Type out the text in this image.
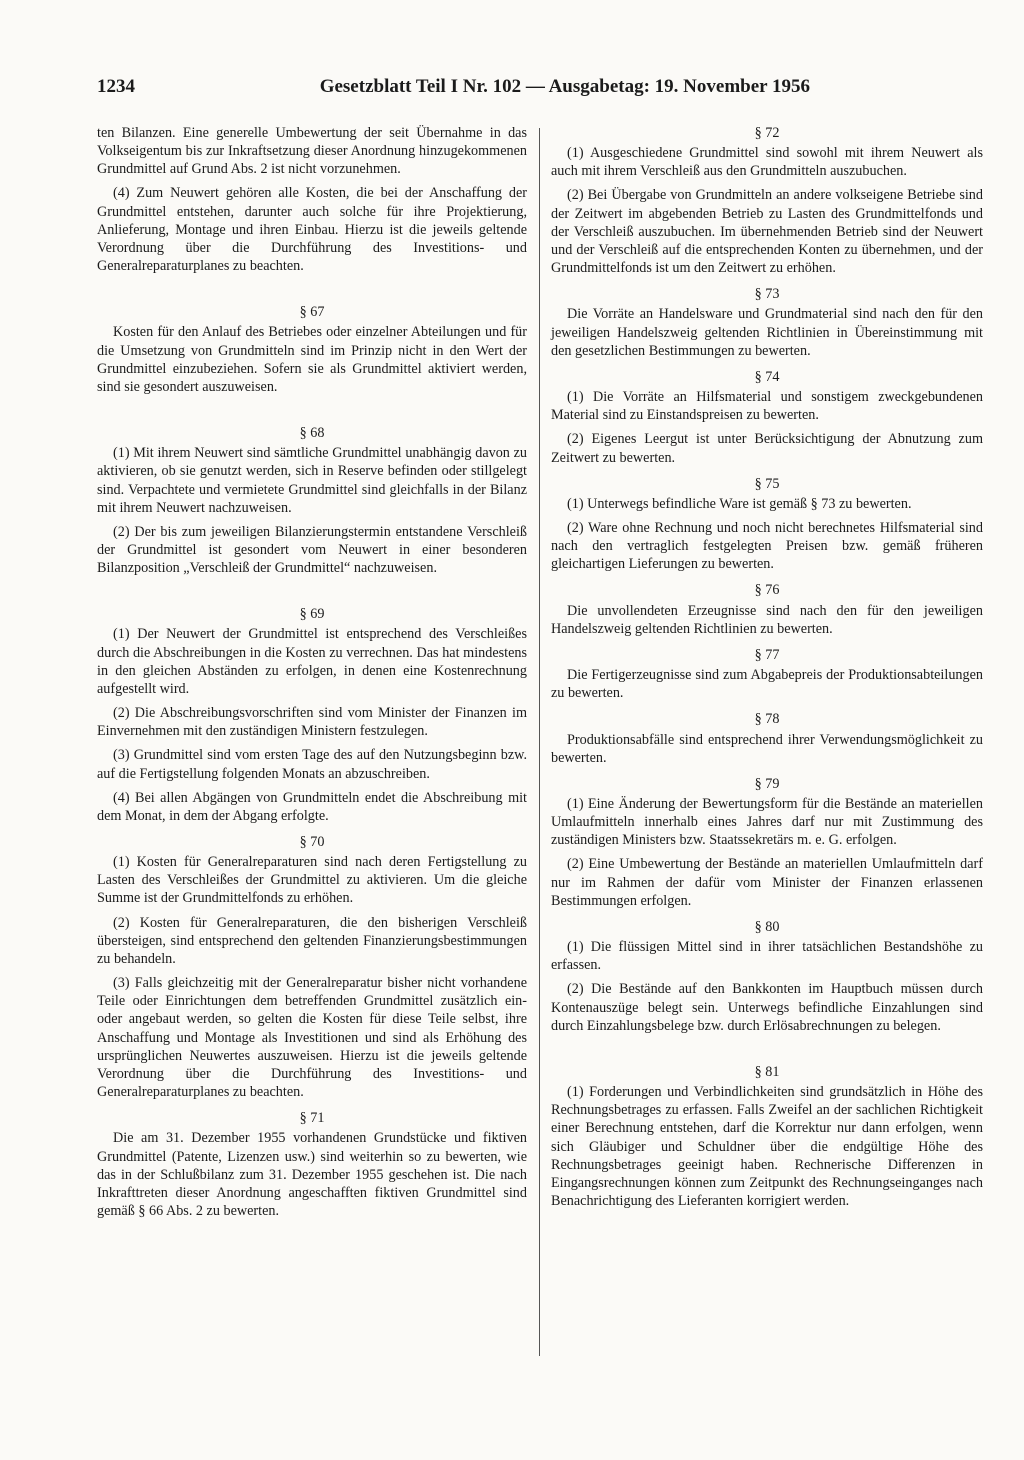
1234	Gesetzblatt Teil I Nr. 102 — Ausgabetag: 19. November 1956

ten Bilanzen. Eine generelle Umbewertung der seit Übernahme in das Volkseigentum bis zur Inkraftsetzung dieser Anordnung hinzugekommenen Grundmittel auf Grund Abs. 2 ist nicht vorzunehmen.

(4) Zum Neuwert gehören alle Kosten, die bei der Anschaffung der Grundmittel entstehen, darunter auch solche für ihre Projektierung, Anlieferung, Montage und ihren Einbau. Hierzu ist die jeweils geltende Verordnung über die Durchführung des Investitions- und Generalreparaturplanes zu beachten.

§ 67

Kosten für den Anlauf des Betriebes oder einzelner Abteilungen und für die Umsetzung von Grundmitteln sind im Prinzip nicht in den Wert der Grundmittel einzubeziehen. Sofern sie als Grundmittel aktiviert werden, sind sie gesondert auszuweisen.

§ 68

(1) Mit ihrem Neuwert sind sämtliche Grundmittel unabhängig davon zu aktivieren, ob sie genutzt werden, sich in Reserve befinden oder stillgelegt sind. Verpachtete und vermietete Grundmittel sind gleichfalls in der Bilanz mit ihrem Neuwert nachzuweisen.

(2) Der bis zum jeweiligen Bilanzierungstermin entstandene Verschleiß der Grundmittel ist gesondert vom Neuwert in einer besonderen Bilanzposition „Verschleiß der Grundmittel“ nachzuweisen.

§ 69

(1) Der Neuwert der Grundmittel ist entsprechend des Verschleißes durch die Abschreibungen in die Kosten zu verrechnen. Das hat mindestens in den gleichen Abständen zu erfolgen, in denen eine Kostenrechnung aufgestellt wird.

(2) Die Abschreibungsvorschriften sind vom Minister der Finanzen im Einvernehmen mit den zuständigen Ministern festzulegen.

(3) Grundmittel sind vom ersten Tage des auf den Nutzungsbeginn bzw. auf die Fertigstellung folgenden Monats an abzuschreiben.

(4) Bei allen Abgängen von Grundmitteln endet die Abschreibung mit dem Monat, in dem der Abgang erfolgte.

§ 70

(1) Kosten für Generalreparaturen sind nach deren Fertigstellung zu Lasten des Verschleißes der Grundmittel zu aktivieren. Um die gleiche Summe ist der Grundmittelfonds zu erhöhen.

(2) Kosten für Generalreparaturen, die den bisherigen Verschleiß übersteigen, sind entsprechend den geltenden Finanzierungsbestimmungen zu behandeln.

(3) Falls gleichzeitig mit der Generalreparatur bisher nicht vorhandene Teile oder Einrichtungen dem betreffenden Grundmittel zusätzlich ein- oder angebaut werden, so gelten die Kosten für diese Teile selbst, ihre Anschaffung und Montage als Investitionen und sind als Erhöhung des ursprünglichen Neuwertes auszuweisen. Hierzu ist die jeweils geltende Verordnung über die Durchführung des Investitions- und Generalreparaturplanes zu beachten.

§ 71

Die am 31. Dezember 1955 vorhandenen Grundstücke und fiktiven Grundmittel (Patente, Lizenzen usw.) sind weiterhin so zu bewerten, wie das in der Schlußbilanz zum 31. Dezember 1955 geschehen ist. Die nach Inkrafttreten dieser Anordnung angeschafften fiktiven Grundmittel sind gemäß § 66 Abs. 2 zu bewerten.

§ 72

(1) Ausgeschiedene Grundmittel sind sowohl mit ihrem Neuwert als auch mit ihrem Verschleiß aus den Grundmitteln auszubuchen.

(2) Bei Übergabe von Grundmitteln an andere volkseigene Betriebe sind der Zeitwert im abgebenden Betrieb zu Lasten des Grundmittelfonds und der Verschleiß auszubuchen. Im übernehmenden Betrieb sind der Neuwert und der Verschleiß auf die entsprechenden Konten zu übernehmen, und der Grundmittelfonds ist um den Zeitwert zu erhöhen.

§ 73

Die Vorräte an Handelsware und Grundmaterial sind nach den für den jeweiligen Handelszweig geltenden Richtlinien in Übereinstimmung mit den gesetzlichen Bestimmungen zu bewerten.

§ 74

(1) Die Vorräte an Hilfsmaterial und sonstigem zweckgebundenen Material sind zu Einstandspreisen zu bewerten.

(2) Eigenes Leergut ist unter Berücksichtigung der Abnutzung zum Zeitwert zu bewerten.

§ 75

(1) Unterwegs befindliche Ware ist gemäß § 73 zu bewerten.

(2) Ware ohne Rechnung und noch nicht berechnetes Hilfsmaterial sind nach den vertraglich festgelegten Preisen bzw. gemäß früheren gleichartigen Lieferungen zu bewerten.

§ 76

Die unvollendeten Erzeugnisse sind nach den für den jeweiligen Handelszweig geltenden Richtlinien zu bewerten.

§ 77

Die Fertigerzeugnisse sind zum Abgabepreis der Produktionsabteilungen zu bewerten.

§ 78

Produktionsabfälle sind entsprechend ihrer Verwendungsmöglichkeit zu bewerten.

§ 79

(1) Eine Änderung der Bewertungsform für die Bestände an materiellen Umlaufmitteln innerhalb eines Jahres darf nur mit Zustimmung des zuständigen Ministers bzw. Staatssekretärs m. e. G. erfolgen.

(2) Eine Umbewertung der Bestände an materiellen Umlaufmitteln darf nur im Rahmen der dafür vom Minister der Finanzen erlassenen Bestimmungen erfolgen.

§ 80

(1) Die flüssigen Mittel sind in ihrer tatsächlichen Bestandshöhe zu erfassen.

(2) Die Bestände auf den Bankkonten im Hauptbuch müssen durch Kontenauszüge belegt sein. Unterwegs befindliche Einzahlungen sind durch Einzahlungsbelege bzw. durch Erlösabrechnungen zu belegen.

§ 81

(1) Forderungen und Verbindlichkeiten sind grundsätzlich in Höhe des Rechnungsbetrages zu erfassen. Falls Zweifel an der sachlichen Richtigkeit einer Berechnung entstehen, darf die Korrektur nur dann erfolgen, wenn sich Gläubiger und Schuldner über die endgültige Höhe des Rechnungsbetrages geeinigt haben. Rechnerische Differenzen in Eingangsrechnungen können zum Zeitpunkt des Rechnungseinganges nach Benachrichtigung des Lieferanten korrigiert werden.
